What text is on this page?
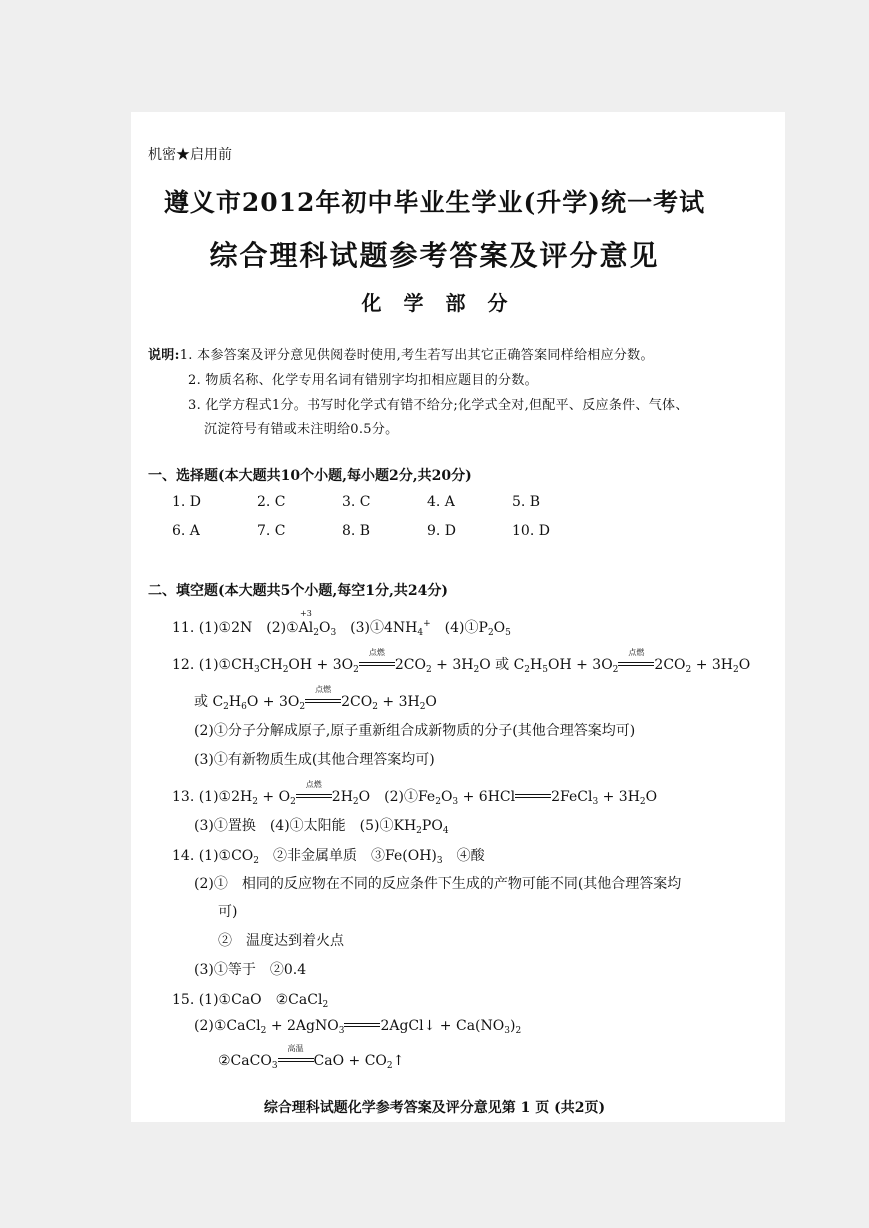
机密★启用前
遵义市2012年初中毕业生学业(升学)统一考试
综合理科试题参考答案及评分意见
化学部分
说明:1. 本参答案及评分意见供阅卷时使用,考生若写出其它正确答案同样给相应分数。
2. 物质名称、化学专用名词有错别字均扣相应题目的分数。
3. 化学方程式1分。书写时化学式有错不给分;化学式全对,但配平、反应条件、气体、
沉淀符号有错或未注明给0.5分。
一、选择题(本大题共10个小题,每小题2分,共20分)
1. D	2. C	3. C	4. A	5. B
6. A	7. C	8. B	9. D	10. D
二、填空题(本大题共5个小题,每空1分,共24分)
11. (1)①2N　(2)①
+3
$Al_2O_3$　$(3)①4NH_4^+$　$(4)①P_2O_5$
12. $(1)①CH_3CH_2OH + 3O_2$
点燃
$2CO_2 + 3H_2O$ 或 $C_2H_5OH + 3O_2$
点燃
$2CO_2 + 3H_2O$
或 $C_2H_6O + 3O_2$
点燃
$2CO_2 + 3H_2O$
(2)①分子分解成原子,原子重新组合成新物质的分子(其他合理答案均可)
(3)①有新物质生成(其他合理答案均可)
13. $(1)①2H_2 + O_2$
点燃
$2H_2O$　$(2)①Fe_2O_3 + 6HCl$	2FeCl$_3$ + $3H_2O$
(3)①置换　(4)①太阳能　$(5)①KH_2PO_4$
14. $(1)①CO_2$　②非金属单质　$③Fe(OH)_3$　④酸
(2)①　相同的反应物在不同的反应条件下生成的产物可能不同(其他合理答案均
可)
②　温度达到着火点
(3)①等于　②0.4
15. (1)①CaO　②CaCl$_2$
(2)①CaCl$_2$ + 2AgNO$_3$	2AgCl↓ + $Ca(NO_3)_2$
②CaCO$_3$
高温
CaO + $CO_2↑$
综合理科试题化学参考答案及评分意见第 1 页 (共2页)
